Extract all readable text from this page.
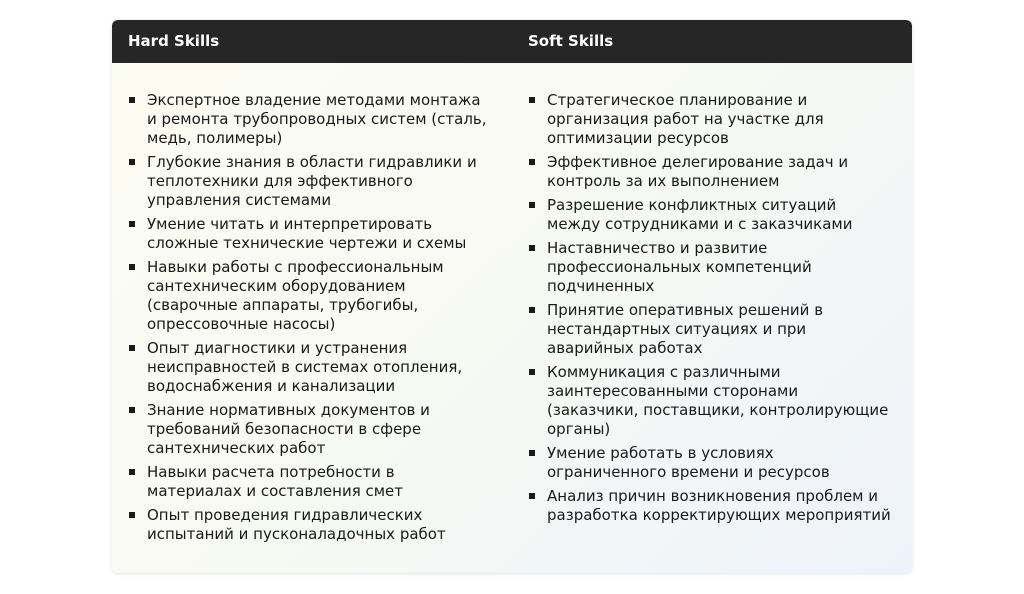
Hard Skills	Soft Skills
Экспертное владение методами монтажа и ремонта трубопроводных систем (сталь, медь, полимеры)
Глубокие знания в области гидравлики и теплотехники для эффективного управления системами
Умение читать и интерпретировать сложные технические чертежи и схемы
Навыки работы с профессиональным сантехническим оборудованием (сварочные аппараты, трубогибы, опрессовочные насосы)
Опыт диагностики и устранения неисправностей в системах отопления, водоснабжения и канализации
Знание нормативных документов и требований безопасности в сфере сантехнических работ
Навыки расчета потребности в материалах и составления смет
Опыт проведения гидравлических испытаний и пусконаладочных работ
Стратегическое планирование и организация работ на участке для оптимизации ресурсов
Эффективное делегирование задач и контроль за их выполнением
Разрешение конфликтных ситуаций между сотрудниками и с заказчиками
Наставничество и развитие профессиональных компетенций подчиненных
Принятие оперативных решений в нестандартных ситуациях и при аварийных работах
Коммуникация с различными заинтересованными сторонами (заказчики, поставщики, контролирующие органы)
Умение работать в условиях ограниченного времени и ресурсов
Анализ причин возникновения проблем и разработка корректирующих мероприятий
